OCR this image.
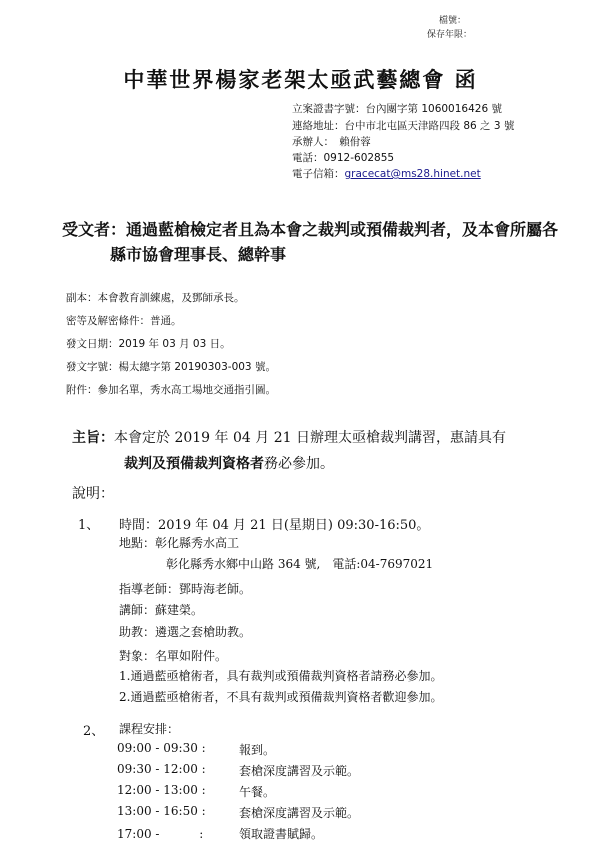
檔號：
保存年限：
中華世界楊家老架太亟武藝總會 函
立案證書字號：台內團字第 1060016426 號
連絡地址：台中市北屯區天津路四段 86 之 3 號
承辦人：　賴佾蓉
電話：0912-602855
電子信箱：gracecat@ms28.hinet.net
受文者：通過藍槍檢定者且為本會之裁判或預備裁判者，及本會所屬各
縣市協會理事長、總幹事
副本：本會教育訓練處，及鄧師承長。
密等及解密條件：普通。
發文日期：2019 年 03 月 03 日。
發文字號：楊太總字第 20190303-003 號。
附件：參加名單，秀水高工場地交通指引圖。
主旨：本會定於 2019 年 04 月 21 日辦理太亟槍裁判講習，惠請具有
裁判及預備裁判資格者務必參加。
說明：
1、 時間：2019 年 04 月 21 日(星期日) 09:30-16:50。
地點：彰化縣秀水高工
彰化縣秀水鄉中山路 364 號,　電話:04-7697021
指導老師：鄧時海老師。
講師：蘇建榮。
助教：遴選之套槍助教。
對象：名單如附件。
1.通過藍亟槍術者，具有裁判或預備裁判資格者請務必參加。
2.通過藍亟槍術者，不具有裁判或預備裁判資格者歡迎參加。
2、 課程安排：
09:00 - 09:30 :	報到。
09:30 - 12:00 :	套槍深度講習及示範。
12:00 - 13:00 :	午餐。
13:00 - 16:50 :	套槍深度講習及示範。
17:00 -　　　 :	領取證書賦歸。
